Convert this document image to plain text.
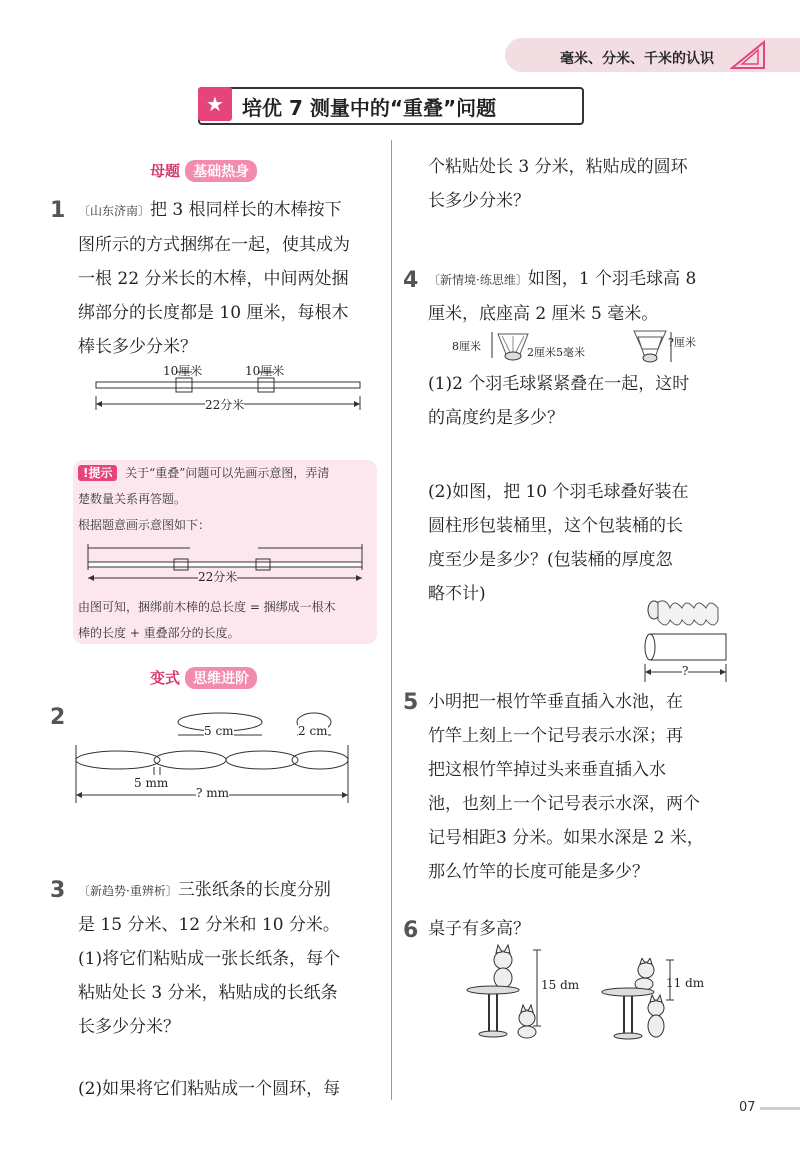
毫米、分米、千米的认识
★ 培优 7 测量中的“重叠”问题
母题 基础热身
1 〔山东济南〕把 3 根同样长的木棒按下
图所示的方式捆绑在一起，使其成为
一根 22 分米长的木棒，中间两处捆
绑部分的长度都是 10 厘米，每根木
棒长多少分米？
10厘米	10厘米
22分米
!提示 关于“重叠”问题可以先画示意图，弄清
楚数量关系再答题。
根据题意画示意图如下：
22分米
由图可知，捆绑前木棒的总长度 = 捆绑成一根木
棒的长度 + 重叠部分的长度。
变式 思维进阶
2
5 cm	2 cm
5 mm
? mm
3 〔新趋势·重辨析〕三张纸条的长度分别
是 15 分米、12 分米和 10 分米。
(1)将它们粘贴成一张长纸条，每个
粘贴处长 3 分米，粘贴成的长纸条
长多少分米？
(2)如果将它们粘贴成一个圆环，每
个粘贴处长 3 分米，粘贴成的圆环
长多少分米？
4 〔新情境·练思维〕如图，1 个羽毛球高 8
厘米，底座高 2 厘米 5 毫米。
8厘米	2厘米5毫米
?厘米
(1)2 个羽毛球紧紧叠在一起，这时
的高度约是多少？
(2)如图，把 10 个羽毛球叠好装在
圆柱形包装桶里，这个包装桶的长
度至少是多少？(包装桶的厚度忽
略不计)
?
5 小明把一根竹竿垂直插入水池，在
竹竿上刻上一个记号表示水深；再
把这根竹竿掉过头来垂直插入水
池，也刻上一个记号表示水深，两个
记号相距3 分米。如果水深是 2 米，
那么竹竿的长度可能是多少？
6 桌子有多高？
15 dm	11 dm
07
